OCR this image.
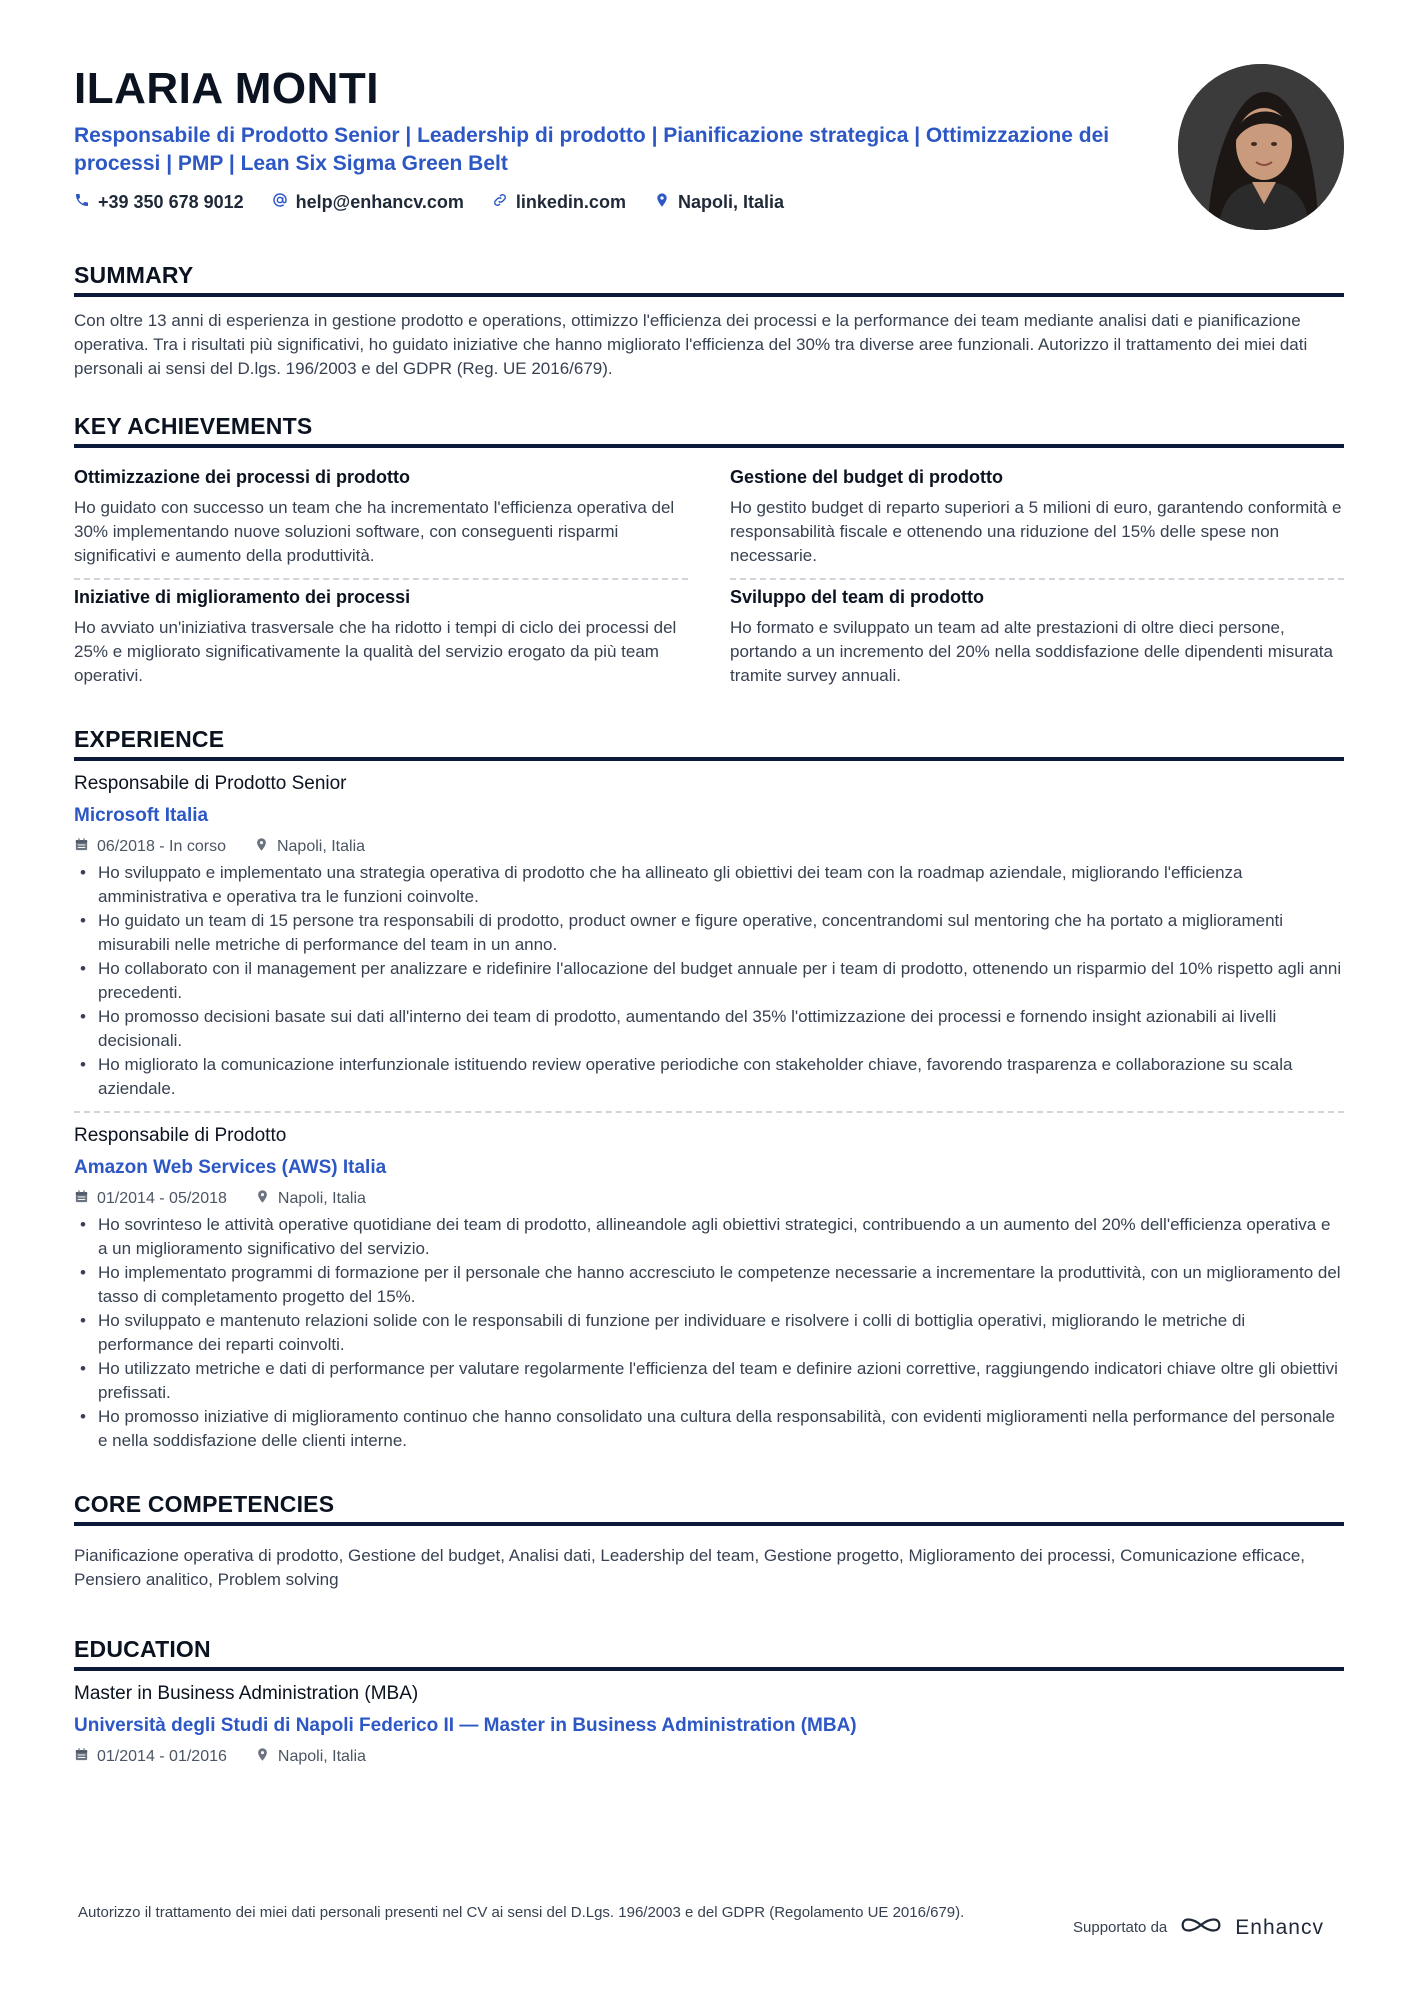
ILARIA MONTI
Responsabile di Prodotto Senior | Leadership di prodotto | Pianificazione strategica | Ottimizzazione dei processi | PMP | Lean Six Sigma Green Belt
+39 350 678 9012	help@enhancv.com	linkedin.com	Napoli, Italia
SUMMARY
Con oltre 13 anni di esperienza in gestione prodotto e operations, ottimizzo l'efficienza dei processi e la performance dei team mediante analisi dati e pianificazione operativa. Tra i risultati più significativi, ho guidato iniziative che hanno migliorato l'efficienza del 30% tra diverse aree funzionali. Autorizzo il trattamento dei miei dati personali ai sensi del D.lgs. 196/2003 e del GDPR (Reg. UE 2016/679).
KEY ACHIEVEMENTS
Ottimizzazione dei processi di prodotto
Ho guidato con successo un team che ha incrementato l'efficienza operativa del 30% implementando nuove soluzioni software, con conseguenti risparmi significativi e aumento della produttività.
Gestione del budget di prodotto
Ho gestito budget di reparto superiori a 5 milioni di euro, garantendo conformità e responsabilità fiscale e ottenendo una riduzione del 15% delle spese non necessarie.
Iniziative di miglioramento dei processi
Ho avviato un'iniziativa trasversale che ha ridotto i tempi di ciclo dei processi del 25% e migliorato significativamente la qualità del servizio erogato da più team operativi.
Sviluppo del team di prodotto
Ho formato e sviluppato un team ad alte prestazioni di oltre dieci persone, portando a un incremento del 20% nella soddisfazione delle dipendenti misurata tramite survey annuali.
EXPERIENCE
Responsabile di Prodotto Senior
Microsoft Italia
06/2018 - In corso	Napoli, Italia
• Ho sviluppato e implementato una strategia operativa di prodotto che ha allineato gli obiettivi dei team con la roadmap aziendale, migliorando l'efficienza amministrativa e operativa tra le funzioni coinvolte.
• Ho guidato un team di 15 persone tra responsabili di prodotto, product owner e figure operative, concentrandomi sul mentoring che ha portato a miglioramenti misurabili nelle metriche di performance del team in un anno.
• Ho collaborato con il management per analizzare e ridefinire l'allocazione del budget annuale per i team di prodotto, ottenendo un risparmio del 10% rispetto agli anni precedenti.
• Ho promosso decisioni basate sui dati all'interno dei team di prodotto, aumentando del 35% l'ottimizzazione dei processi e fornendo insight azionabili ai livelli decisionali.
• Ho migliorato la comunicazione interfunzionale istituendo review operative periodiche con stakeholder chiave, favorendo trasparenza e collaborazione su scala aziendale.
Responsabile di Prodotto
Amazon Web Services (AWS) Italia
01/2014 - 05/2018	Napoli, Italia
• Ho sovrinteso le attività operative quotidiane dei team di prodotto, allineandole agli obiettivi strategici, contribuendo a un aumento del 20% dell'efficienza operativa e a un miglioramento significativo del servizio.
• Ho implementato programmi di formazione per il personale che hanno accresciuto le competenze necessarie a incrementare la produttività, con un miglioramento del tasso di completamento progetto del 15%.
• Ho sviluppato e mantenuto relazioni solide con le responsabili di funzione per individuare e risolvere i colli di bottiglia operativi, migliorando le metriche di performance dei reparti coinvolti.
• Ho utilizzato metriche e dati di performance per valutare regolarmente l'efficienza del team e definire azioni correttive, raggiungendo indicatori chiave oltre gli obiettivi prefissati.
• Ho promosso iniziative di miglioramento continuo che hanno consolidato una cultura della responsabilità, con evidenti miglioramenti nella performance del personale e nella soddisfazione delle clienti interne.
CORE COMPETENCIES
Pianificazione operativa di prodotto, Gestione del budget, Analisi dati, Leadership del team, Gestione progetto, Miglioramento dei processi, Comunicazione efficace, Pensiero analitico, Problem solving
EDUCATION
Master in Business Administration (MBA)
Università degli Studi di Napoli Federico II — Master in Business Administration (MBA)
01/2014 - 01/2016	Napoli, Italia
Autorizzo il trattamento dei miei dati personali presenti nel CV ai sensi del D.Lgs. 196/2003 e del GDPR (Regolamento UE 2016/679).
Supportato da	Enhancv
